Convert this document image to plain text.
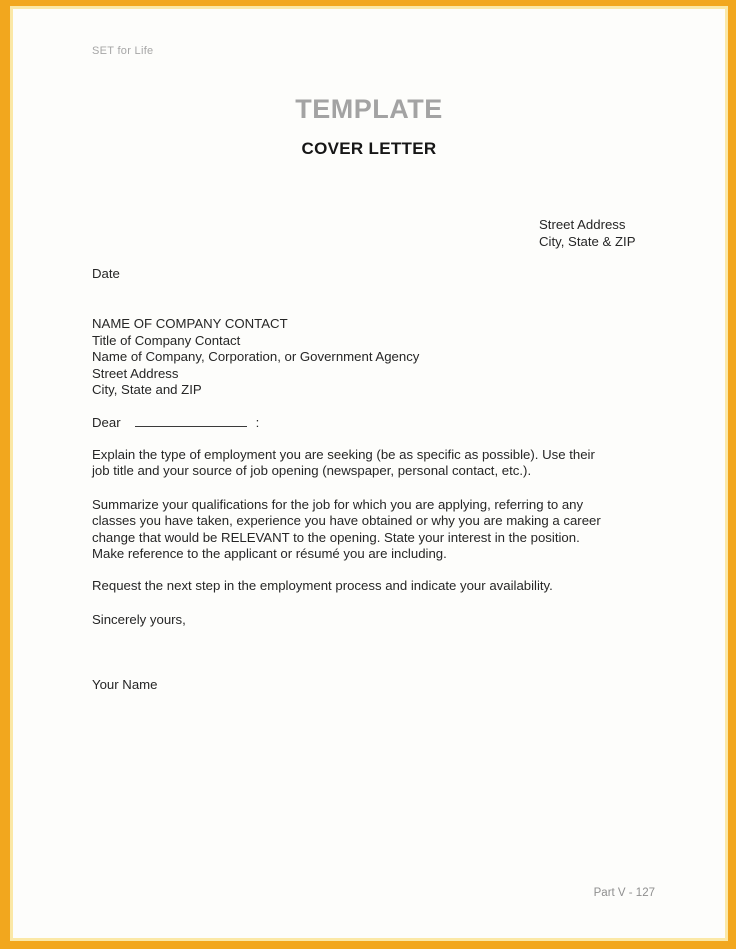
SET for Life
TEMPLATE
COVER LETTER
Street Address
City, State & ZIP
Date
NAME OF COMPANY CONTACT
Title of Company Contact
Name of Company, Corporation, or Government Agency
Street Address
City, State and ZIP
Dear	:
Explain the type of employment you are seeking (be as specific as possible). Use their
job title and your source of job opening (newspaper, personal contact, etc.).
Summarize your qualifications for the job for which you are applying, referring to any
classes you have taken, experience you have obtained or why you are making a career
change that would be RELEVANT to the opening. State your interest in the position.
Make reference to the applicant or résumé you are including.
Request the next step in the employment process and indicate your availability.
Sincerely yours,
Your Name
Part V - 127
